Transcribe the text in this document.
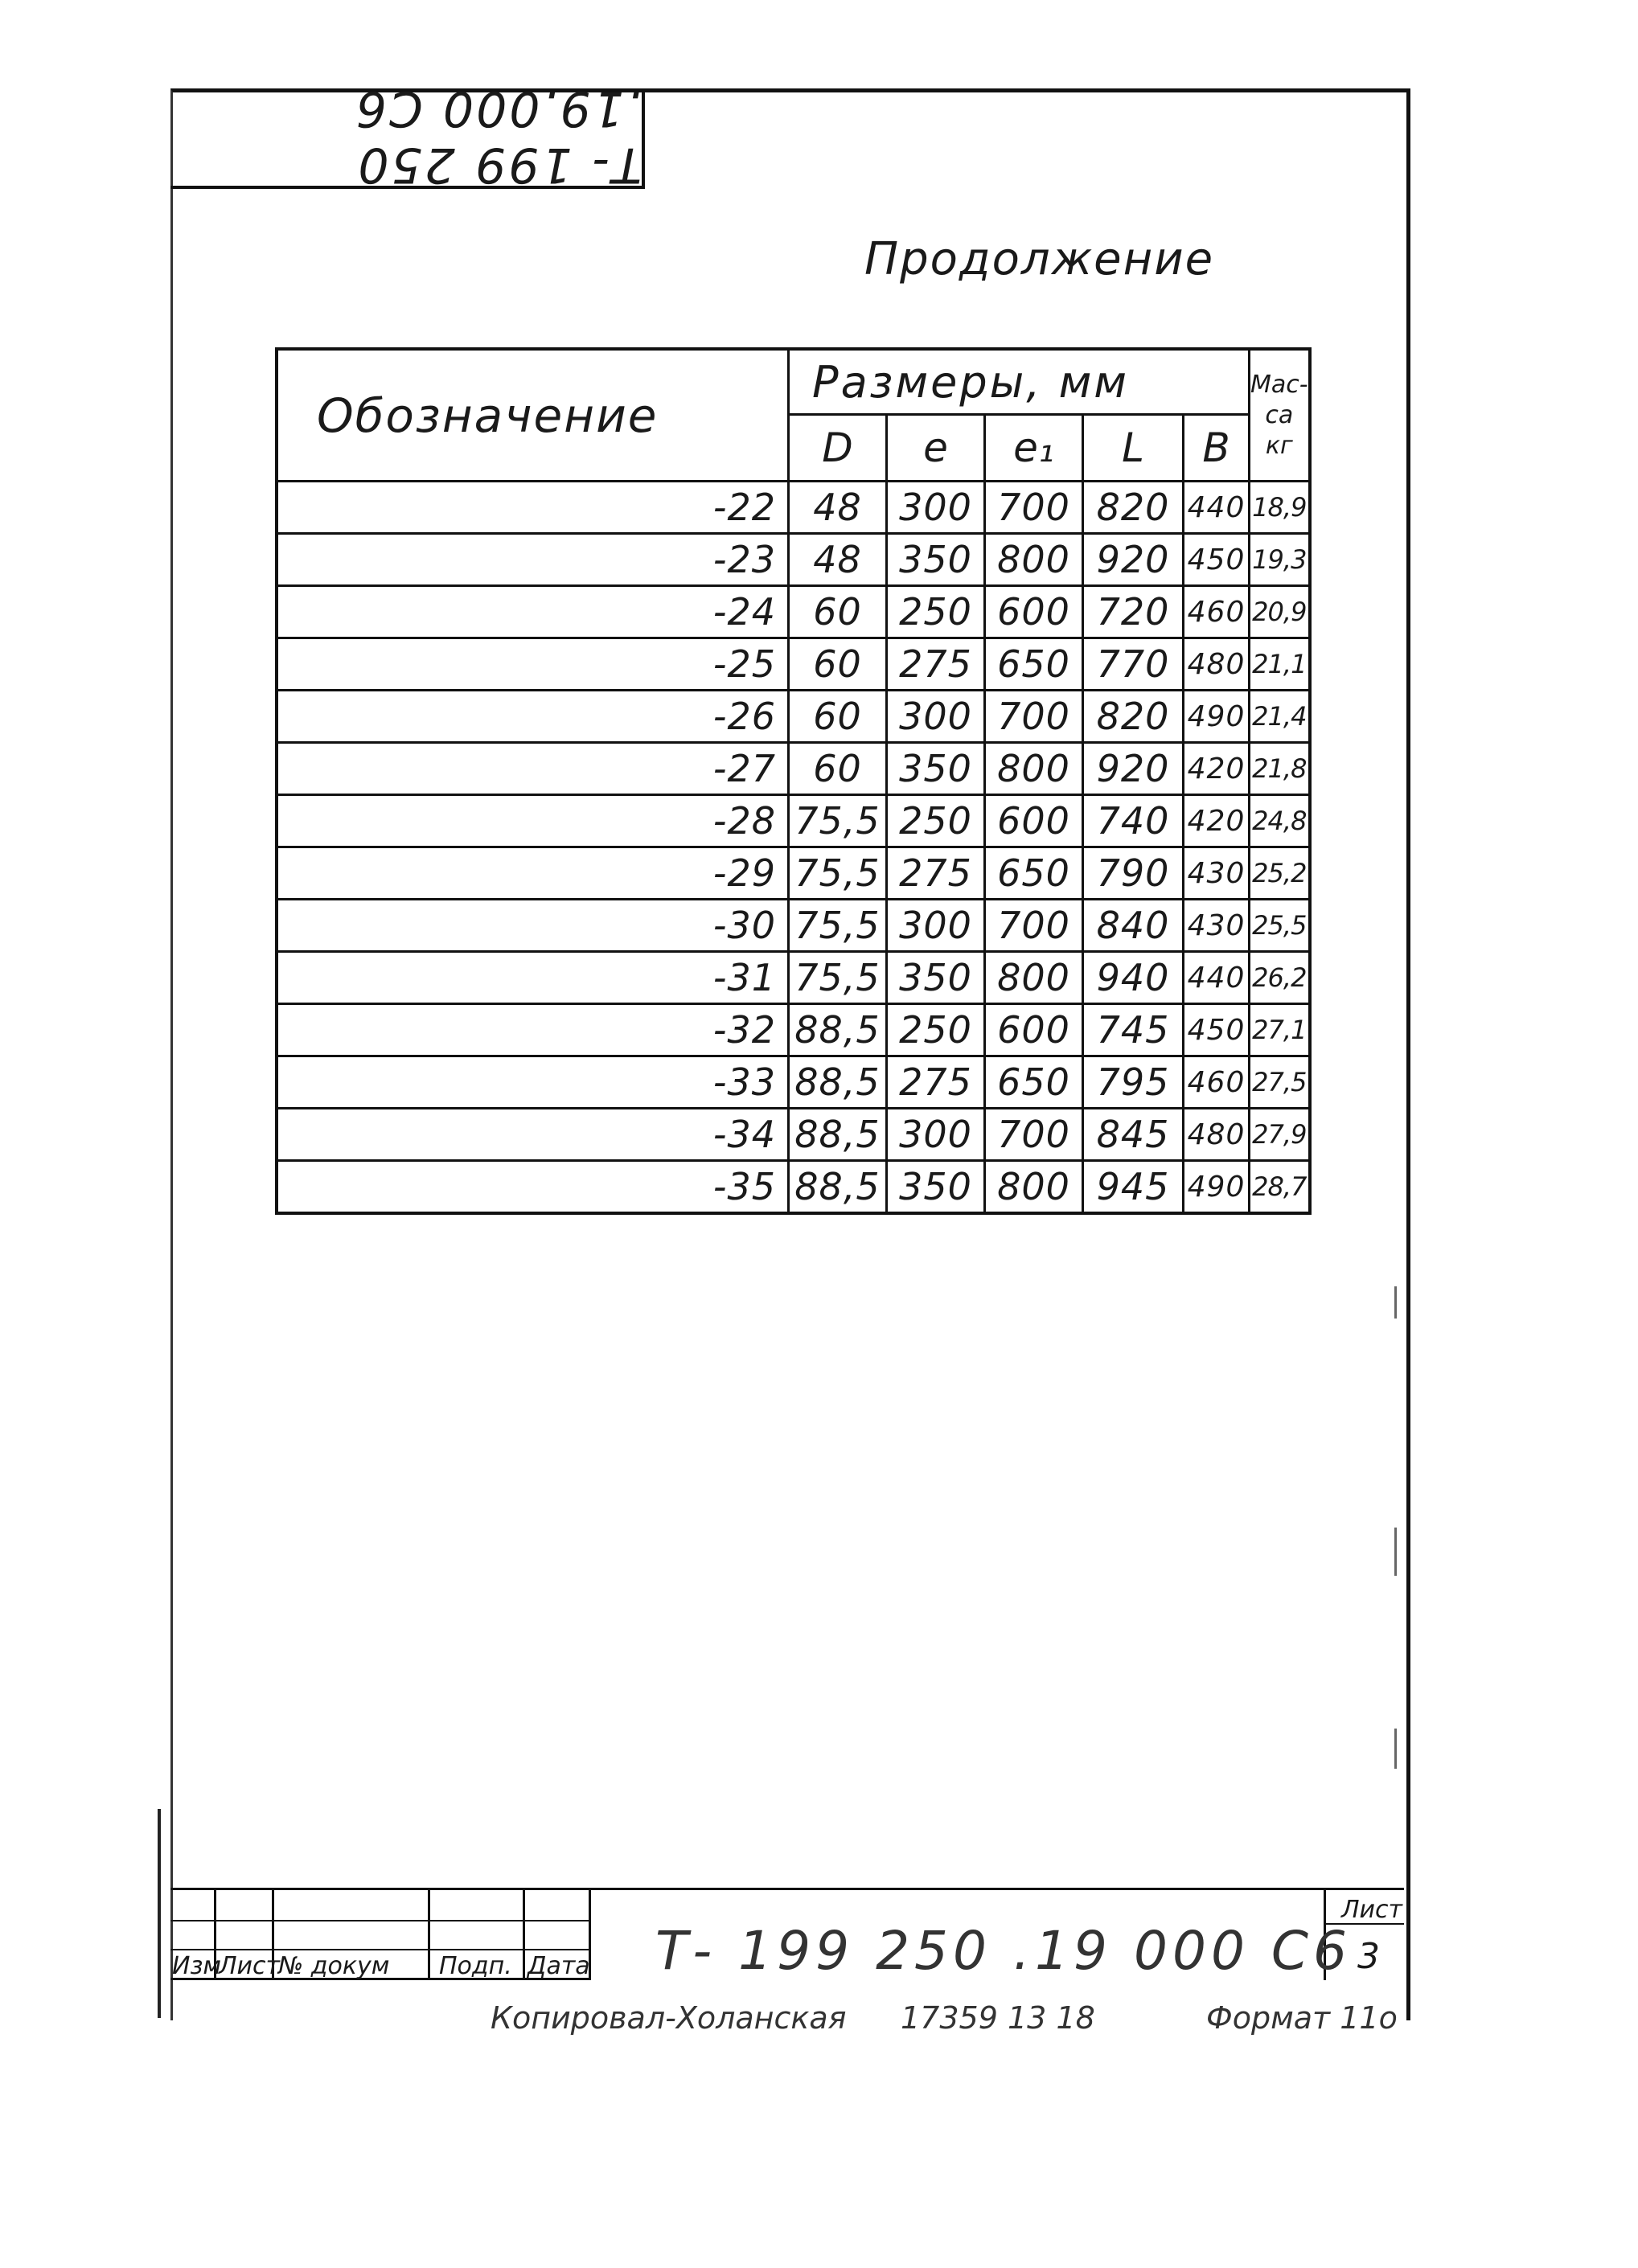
Т- 199 250 .19.000 С6
Продолжение
Обозначение	Размеры, мм					Мас-
са
кг
	D	e	e₁	L	B	
-22	48	300	700	820	440	18,9
-23	48	350	800	920	450	19,3
-24	60	250	600	720	460	20,9
-25	60	275	650	770	480	21,1
-26	60	300	700	820	490	21,4
-27	60	350	800	920	420	21,8
-28	75,5	250	600	740	420	24,8
-29	75,5	275	650	790	430	25,2
-30	75,5	300	700	840	430	25,5
-31	75,5	350	800	940	440	26,2
-32	88,5	250	600	745	450	27,1
-33	88,5	275	650	795	460	27,5
-34	88,5	300	700	845	480	27,9
-35	88,5	350	800	945	490	28,7
Изм
Лист
№ докум Подп. Дата Т- 199 250 .19 000 С6
Лист
3
Копировал-Холанская 17359 13 18	Формат 11о
